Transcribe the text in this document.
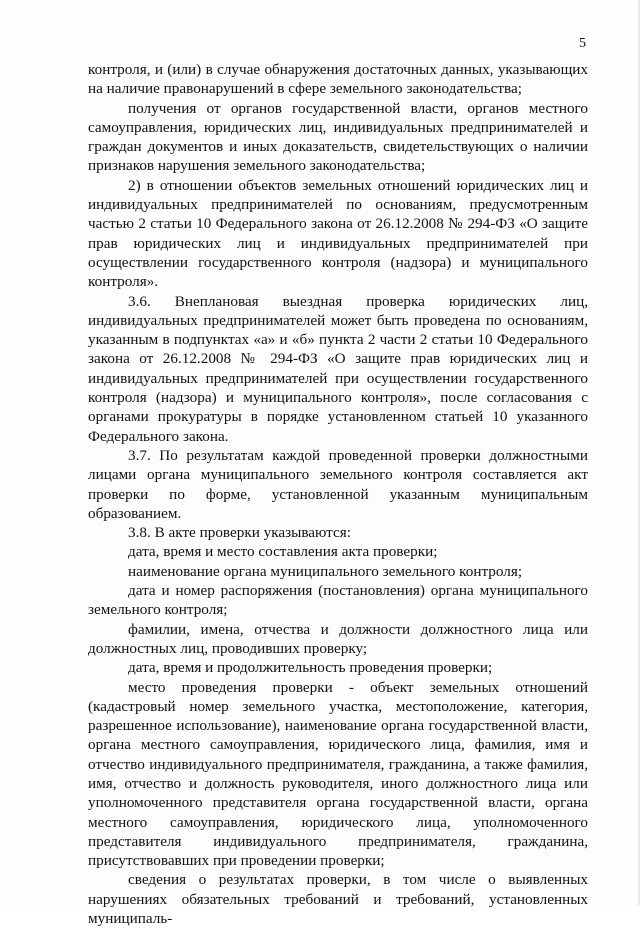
5

контроля, и (или) в случае обнаружения достаточных данных, указывающих на наличие правонарушений в сфере земельного законодательства;

получения от органов государственной власти, органов местного самоуправления, юридических лиц, индивидуальных предпринимателей и граждан документов и иных доказательств, свидетельствующих о наличии признаков нарушения земельного законодательства;

2) в отношении объектов земельных отношений юридических лиц и индивидуальных предпринимателей по основаниям, предусмотренным частью 2 статьи 10 Федерального закона от 26.12.2008 № 294-ФЗ «О защите прав юридических лиц и индивидуальных предпринимателей при осуществлении государственного контроля (надзора) и муниципального контроля».

3.6. Внеплановая выездная проверка юридических лиц, индивидуальных предпринимателей может быть проведена по основаниям, указанным в подпунктах «а» и «б» пункта 2 части 2 статьи 10 Федерального закона от 26.12.2008 № 294-ФЗ «О защите прав юридических лиц и индивидуальных предпринимателей при осуществлении государственного контроля (надзора) и муниципального контроля», после согласования с органами прокуратуры в порядке установленном статьей 10 указанного Федерального закона.

3.7. По результатам каждой проведенной проверки должностными лицами органа муниципального земельного контроля составляется акт проверки по форме, установленной указанным муниципальным образованием.

3.8. В акте проверки указываются:

дата, время и место составления акта проверки;

наименование органа муниципального земельного контроля;

дата и номер распоряжения (постановления) органа муниципального земельного контроля;

фамилии, имена, отчества и должности должностного лица или должностных лиц, проводивших проверку;

дата, время и продолжительность проведения проверки;

место проведения проверки - объект земельных отношений (кадастровый номер земельного участка, местоположение, категория, разрешенное использование), наименование органа государственной власти, органа местного самоуправления, юридического лица, фамилия, имя и отчество индивидуального предпринимателя, гражданина, а также фамилия, имя, отчество и должность руководителя, иного должностного лица или уполномоченного представителя органа государственной власти, органа местного самоуправления, юридического лица, уполномоченного представителя индивидуального предпринимателя, гражданина, присутствовавших при проведении проверки;

сведения о результатах проверки, в том числе о выявленных нарушениях обязательных требований и требований, установленных муниципаль-
